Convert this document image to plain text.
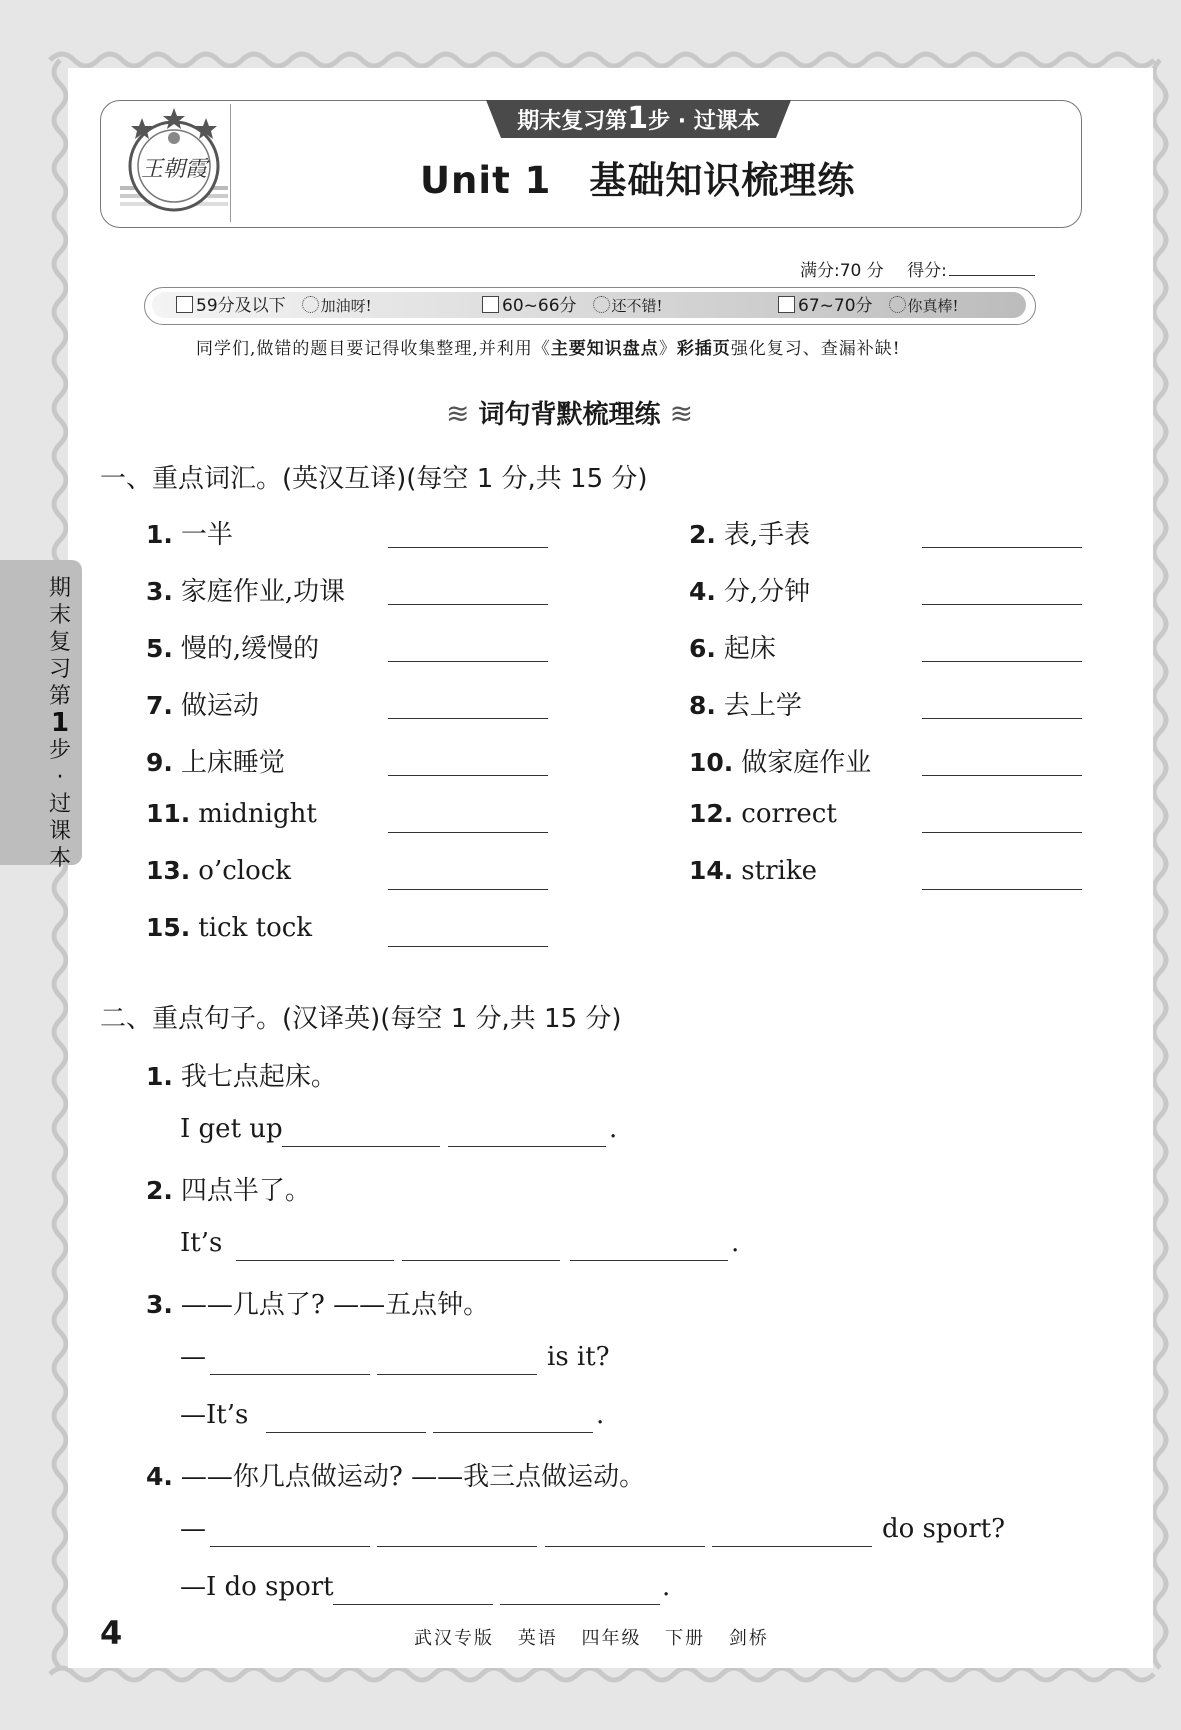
王朝霞
期末复习第1步 · 过课本
Unit 1 基础知识梳理练
满分:70 分 得分:
59分及以下 加油呀!	60~66分 还不错!	67~70分 你真棒!
同学们,做错的题目要记得收集整理,并利用《主要知识盘点》彩插页强化复习、查漏补缺!
≋ 词句背默梳理练 ≋
期
末
复
习
第
1
步
·
过
课
本
一、重点词汇。(英汉互译)(每空 1 分,共 15 分)
1. 一半	2. 表,手表
3. 家庭作业,功课	4. 分,分钟
5. 慢的,缓慢的	6. 起床
7. 做运动	8. 去上学
9. 上床睡觉	10. 做家庭作业
11. midnight	12. correct
13. o’clock	14. strike
15. tick tock
二、重点句子。(汉译英)(每空 1 分,共 15 分)
1. 我七点起床。
I get up	.
2. 四点半了。
It’s	.
3. ——几点了? ——五点钟。
—	is it?
—It’s	.
4. ——你几点做运动? ——我三点做运动。
—	do sport?
—I do sport	.
4	武汉专版 英语 四年级 下册 剑桥
